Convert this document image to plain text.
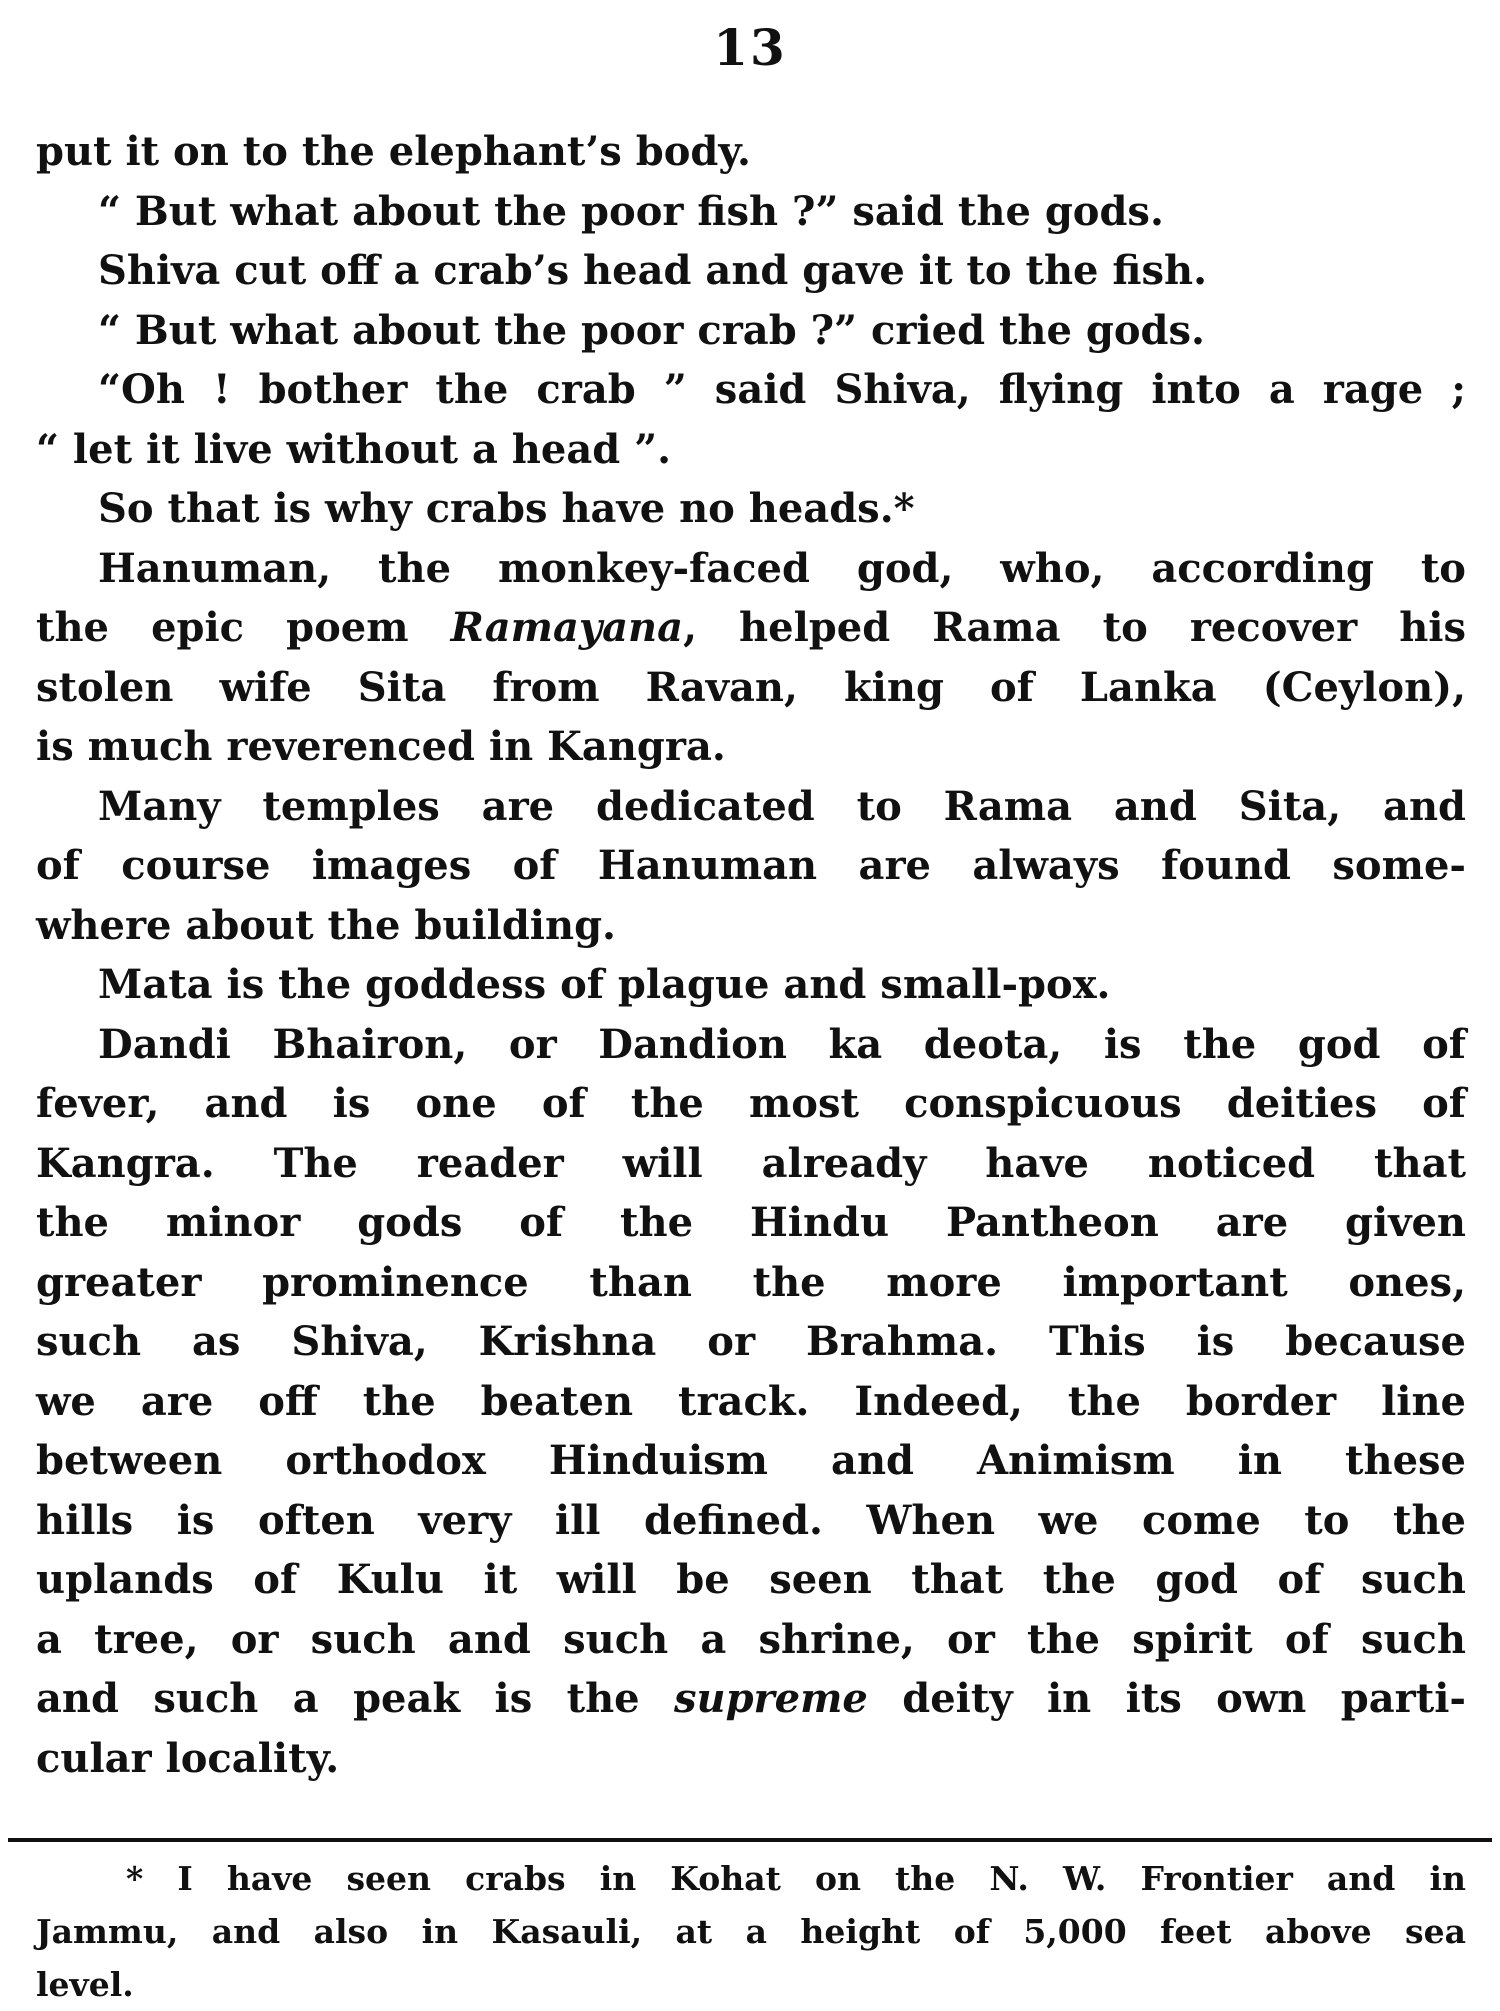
13
put it on to the elephant’s body.
“ But what about the poor fish ?” said the gods.
Shiva cut off a crab’s head and gave it to the fish.
“ But what about the poor crab ?” cried the gods.
“Oh ! bother the crab ” said Shiva, flying into a rage ;
“ let it live without a head ”.
So that is why crabs have no heads.*
Hanuman, the monkey-faced god, who, according to
the epic poem Ramayana, helped Rama to recover his
stolen wife Sita from Ravan, king of Lanka (Ceylon),
is much reverenced in Kangra.
Many temples are dedicated to Rama and Sita, and
of course images of Hanuman are always found some-
where about the building.
Mata is the goddess of plague and small-pox.
Dandi Bhairon, or Dandion ka deota, is the god of
fever, and is one of the most conspicuous deities of
Kangra. The reader will already have noticed that
the minor gods of the Hindu Pantheon are given
greater prominence than the more important ones,
such as Shiva, Krishna or Brahma. This is because
we are off the beaten track. Indeed, the border line
between orthodox Hinduism and Animism in these
hills is often very ill defined. When we come to the
uplands of Kulu it will be seen that the god of such
a tree, or such and such a shrine, or the spirit of such
and such a peak is the supreme deity in its own parti-
cular locality.
* I have seen crabs in Kohat on the N. W. Frontier and in
Jammu, and also in Kasauli, at a height of 5,000 feet above sea
level.
